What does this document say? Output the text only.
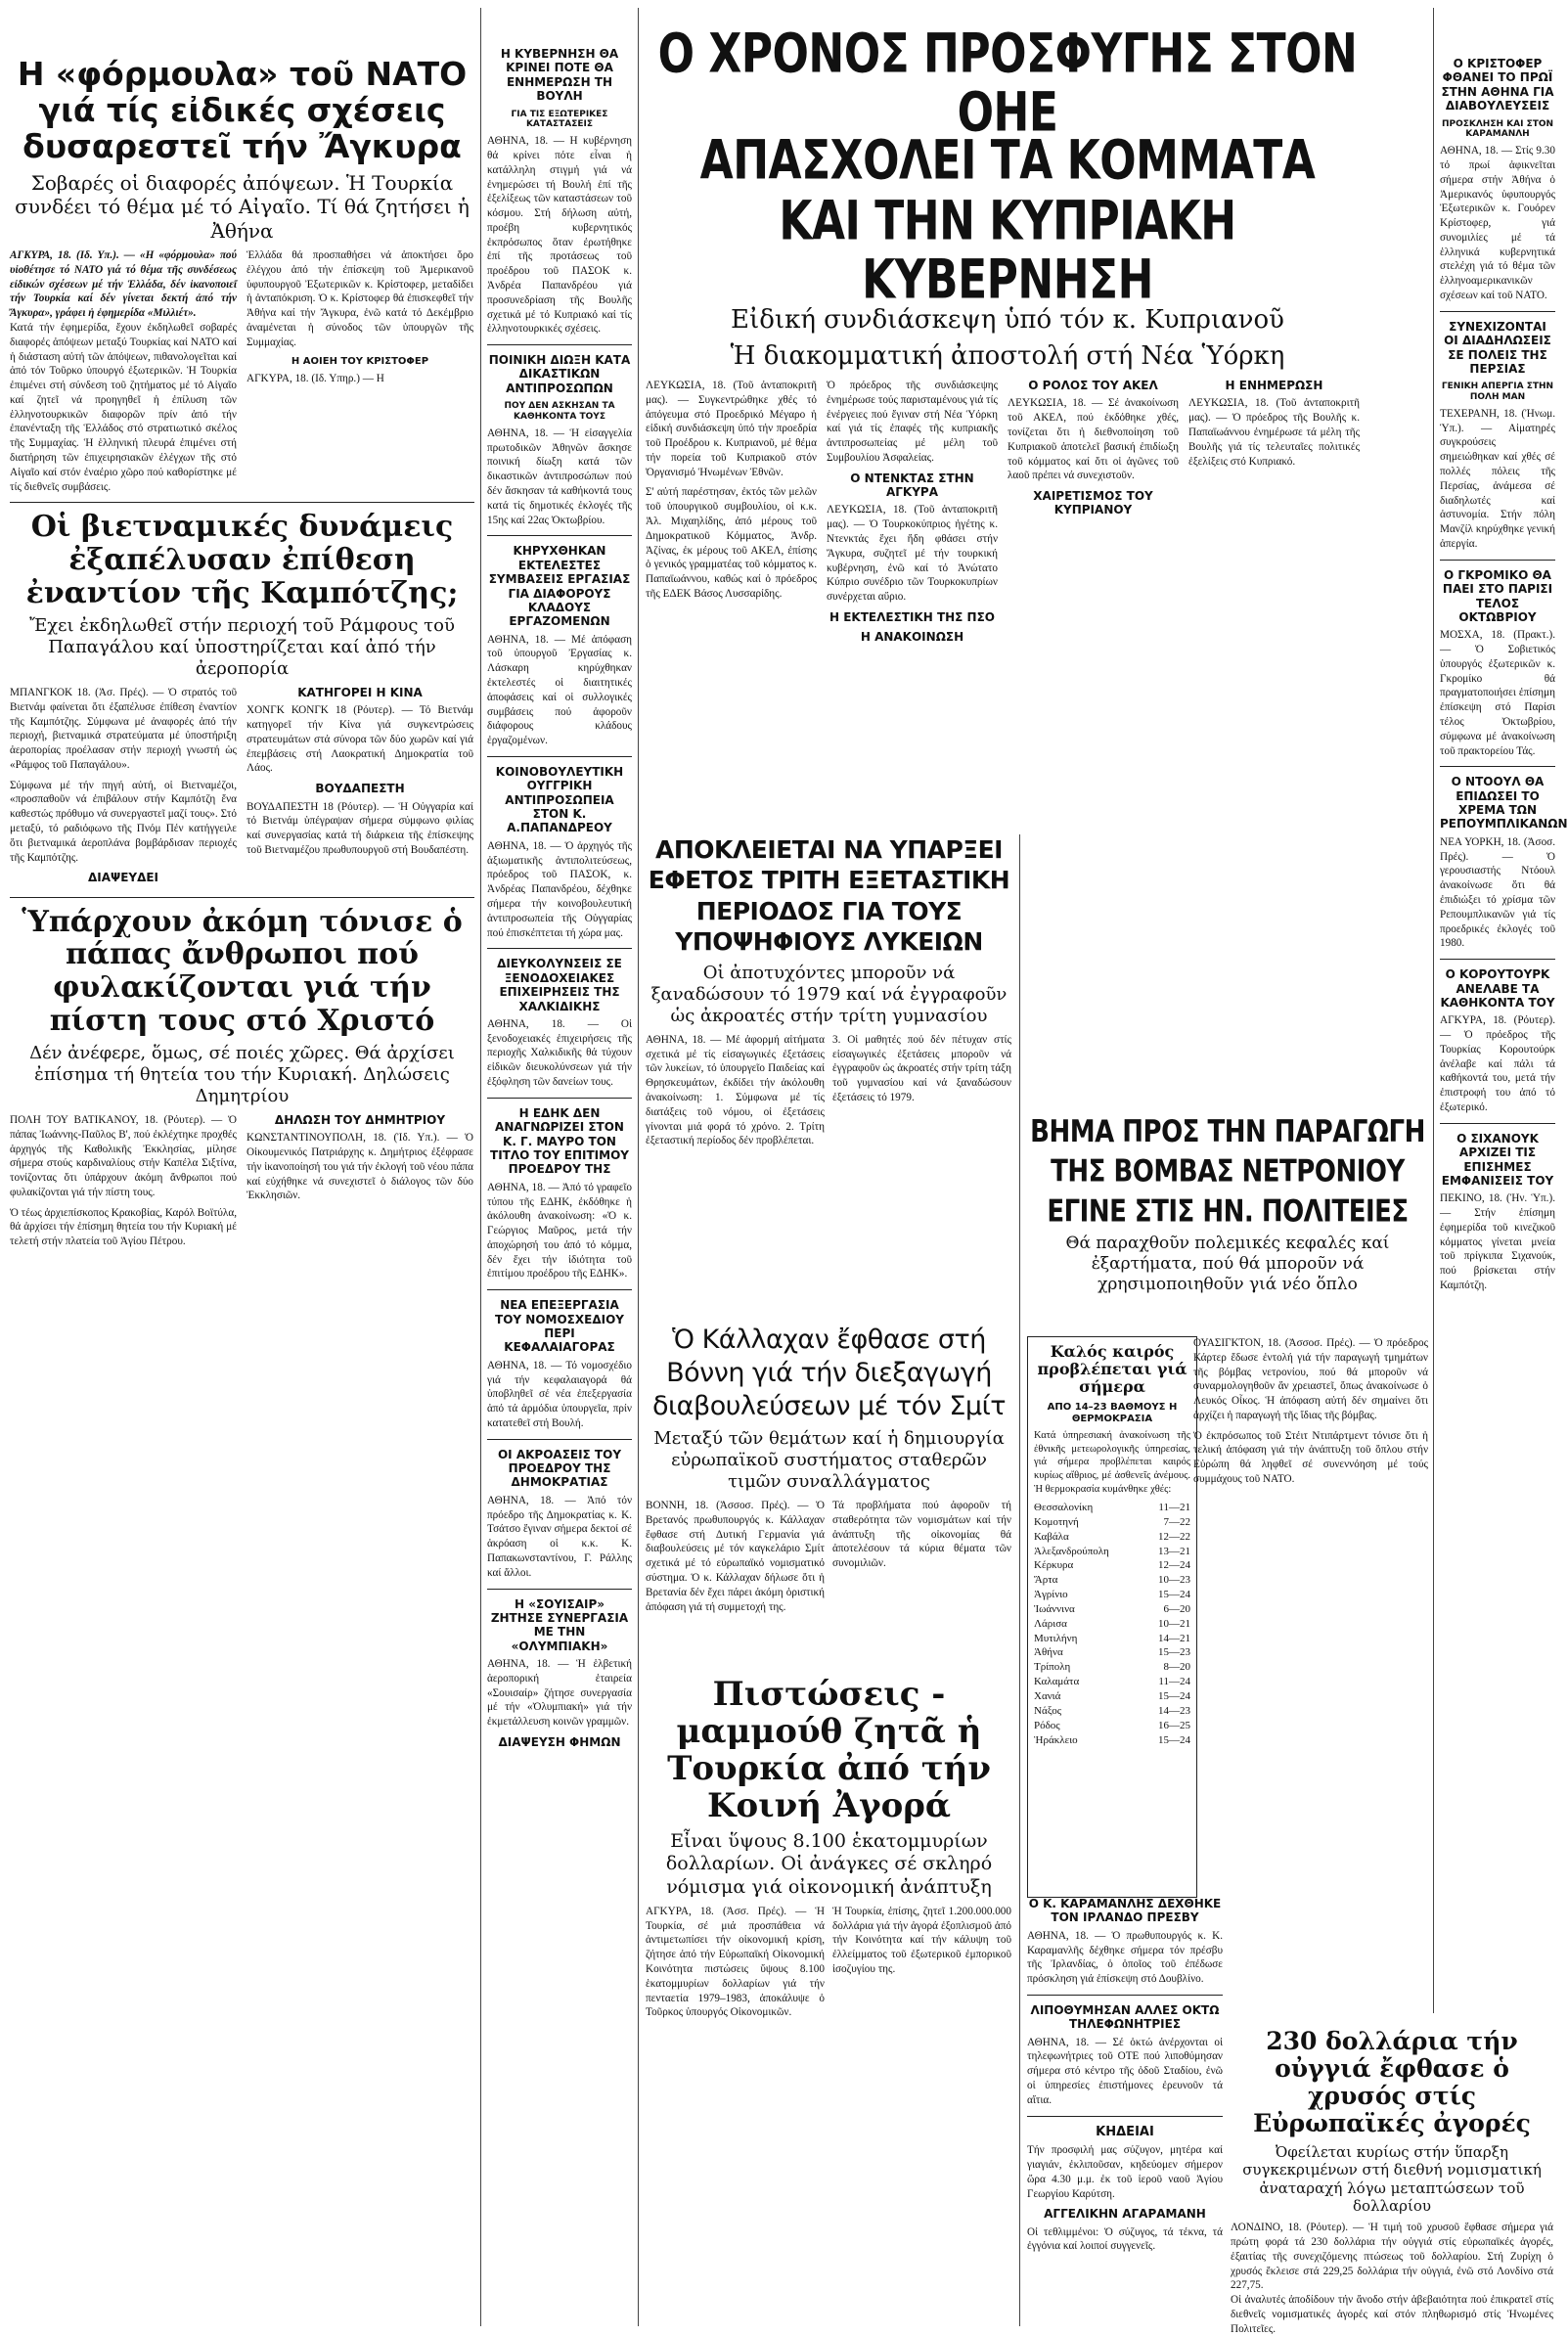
Η «φόρμουλα» τοῦ ΝΑΤΟ γιά τίς εἰδικές σχέσεις δυσαρεστεῖ τήν Ἄγκυρα
Σοβαρές οἱ διαφορές ἀπόψεων. Ἡ Τουρκία συνδέει τό θέμα μέ τό Αἰγαῖο. Τί θά ζητήσει ἡ Ἀθήνα

ΑΓΚΥΡΑ, 18. (Ιδ. Υπ.). — «Η «φόρμουλα» πού υἱοθέτησε τό ΝΑΤΟ γιά τό θέμα τῆς συνδέσεως εἰδικών σχέσεων μέ τήν Ἑλλάδα, δέν ἱκανοποιεῖ τήν Τουρκία καί δέν γίνεται δεκτή ἀπό τήν Ἄγκυρα», γράφει ἡ ἐφημερίδα «Μιλλιέτ».

Κατά τήν ἐφημερίδα, ἔχουν ἐκδηλωθεῖ σοβαρές διαφορές ἀπόψεων μεταξύ Τουρκίας καί ΝΑΤΟ καί ἡ διάσταση αὐτή τῶν ἀπόψεων, πιθανολογεῖται καί ἀπό τόν Τοῦρκο ὑπουργό ἐξωτερικῶν. Ἡ Τουρκία ἐπιμένει στή σύνδεση τοῦ ζητήματος μέ τό Αἰγαῖο καί ζητεῖ νά προηγηθεῖ ἡ ἐπίλυση τῶν ἑλληνοτουρκικῶν διαφορῶν πρίν ἀπό τήν ἐπανένταξη τῆς Ἑλλάδος στό στρατιωτικό σκέλος τῆς Συμμαχίας. Ἡ ἑλληνική πλευρά ἐπιμένει στή διατήρηση τῶν ἐπιχειρησιακῶν ἐλέγχων τῆς στό Αἰγαῖο καί στόν ἐναέριο χῶρο πού καθορίστηκε μέ τίς διεθνεῖς συμβάσεις.

Ἑλλάδα θά προσπαθήσει νά ἀποκτήσει ὅρο ἐλέγχου ἀπό τήν ἐπίσκεψη τοῦ Ἀμερικανοῦ ὑφυπουργοῦ Ἐξωτερικῶν κ. Κρίστοφερ, μεταδίδει ἡ ἀνταπόκριση. Ὁ κ. Κρίστοφερ θά ἐπισκεφθεῖ τήν Ἀθήνα καί τήν Ἄγκυρα, ἐνῶ κατά τό Δεκέμβριο ἀναμένεται ἡ σύνοδος τῶν ὑπουργῶν τῆς Συμμαχίας.

Η ΑΟΙΕΗ ΤΟΥ ΚΡΙΣΤΟΦΕΡ

ΑΓΚΥΡΑ, 18. (Ιδ. Υπηρ.) — Η

Οἱ βιετναμικές δυνάμεις ἐξαπέλυσαν ἐπίθεση ἐναντίον τῆς Καμπότζης;
Ἔχει ἐκδηλωθεῖ στήν περιοχή τοῦ Ράμφους τοῦ Παπαγάλου καί ὑποστηρίζεται καί ἀπό τήν ἀεροπορία

ΜΠΑΝΓΚΟΚ 18. (Ἀσ. Πρές). — Ὁ στρατός τοῦ Βιετνάμ φαίνεται ὅτι ἐξαπέλυσε ἐπίθεση ἐναντίον τῆς Καμπότζης. Σύμφωνα μέ ἀναφορές ἀπό τήν περιοχή, βιετναμικά στρατεύματα μέ ὑποστήριξη ἀεροπορίας προέλασαν στήν περιοχή γνωστή ὡς «Ράμφος τοῦ Παπαγάλου».

Σύμφωνα μέ τήν πηγή αὐτή, οἱ Βιετναμέζοι, «προσπαθοῦν νά ἐπιβάλουν στήν Καμπότζη ἕνα καθεστώς πρόθυμο νά συνεργαστεῖ μαζί τους». Στό μεταξύ, τό ραδιόφωνο τῆς Πνόμ Πέν κατήγγειλε ὅτι βιετναμικά ἀεροπλάνα βομβάρδισαν περιοχές τῆς Καμπότζης.

ΔΙΑΨΕΥΔΕΙ
ΚΑΤΗΓΟΡΕΙ Η ΚΙΝΑ

ΧΟΝΓΚ ΚΟΝΓΚ 18 (Ρόυτερ). — Τό Βιετνάμ κατηγορεῖ τήν Κίνα γιά συγκεντρώσεις στρατευμάτων στά σύνορα τῶν δύο χωρῶν καί γιά ἐπεμβάσεις στή Λαοκρατική Δημοκρατία τοῦ Λάος.

ΒΟΥΔΑΠΕΣΤΗ

ΒΟΥΔΑΠΕΣΤΗ 18 (Ρόυτερ). — Ἡ Οὐγγαρία καί τό Βιετνάμ ὑπέγραψαν σήμερα σύμφωνο φιλίας καί συνεργασίας κατά τή διάρκεια τῆς ἐπίσκεψης τοῦ Βιετναμέζου πρωθυπουργοῦ στή Βουδαπέστη.

Ὑπάρχουν ἀκόμη τόνισε ὁ πάπας ἄνθρωποι πού φυλακίζονται γιά τήν πίστη τους στό Χριστό
Δέν ἀνέφερε, ὅμως, σέ ποιές χῶρες. Θά ἀρχίσει ἐπίσημα τή θητεία του τήν Κυριακή. Δηλώσεις Δημητρίου

ΠΟΛΗ ΤΟΥ ΒΑΤΙΚΑΝΟΥ, 18. (Ρόυτερ). — Ὁ πάπας Ἰωάννης-Παῦλος Β', πού ἐκλέχτηκε προχθές ἀρχηγός τῆς Καθολικῆς Ἐκκλησίας, μίλησε σήμερα στούς καρδιναλίους στήν Καπέλα Σιξτίνα, τονίζοντας ὅτι ὑπάρχουν ἀκόμη ἄνθρωποι πού φυλακίζονται γιά τήν πίστη τους.

Ὁ τέως ἀρχιεπίσκοπος Κρακοβίας, Καρόλ Βοϊτύλα, θά ἀρχίσει τήν ἐπίσημη θητεία του τήν Κυριακή μέ τελετή στήν πλατεία τοῦ Ἁγίου Πέτρου.

ΔΗΛΩΣΗ ΤΟΥ ΔΗΜΗΤΡΙΟΥ

ΚΩΝΣΤΑΝΤΙΝΟΥΠΟΛΗ, 18. (Ἰδ. Υπ.). — Ὁ Οἰκουμενικός Πατριάρχης κ. Δημήτριος ἐξέφρασε τήν ἱκανοποίησή του γιά τήν ἐκλογή τοῦ νέου πάπα καί εὐχήθηκε νά συνεχιστεῖ ὁ διάλογος τῶν δύο Ἐκκλησιῶν.

Η ΚΥΒΕΡΝΗΣΗ ΘΑ ΚΡΙΝΕΙ ΠΟΤΕ ΘΑ ΕΝΗΜΕΡΩΣΗ ΤΗ ΒΟΥΛΗ
ΓΙΑ ΤΙΣ ΕΞΩΤΕΡΙΚΕΣ ΚΑΤΑΣΤΑΣΕΙΣ

ΑΘΗΝΑ, 18. — Η κυβέρνηση θά κρίνει πότε εἶναι ἡ κατάλληλη στιγμή γιά νά ἐνημερώσει τή Βουλή ἐπί τῆς ἐξελίξεως τῶν καταστάσεων τοῦ κόσμου. Στή δήλωση αὐτή, προέβη κυβερνητικός ἐκπρόσωπος ὅταν ἐρωτήθηκε ἐπί τῆς προτάσεως τοῦ προέδρου τοῦ ΠΑΣΟΚ κ. Ἀνδρέα Παπανδρέου γιά προσυνεδρίαση τῆς Βουλῆς σχετικά μέ τό Κυπριακό καί τίς ἑλληνοτουρκικές σχέσεις.

ΠΟΙΝΙΚΗ ΔΙΩΞΗ ΚΑΤΑ ΔΙΚΑΣΤΙΚΩΝ ΑΝΤΙΠΡΟΣΩΠΩΝ
ΠΟΥ ΔΕΝ ΑΣΚΗΣΑΝ ΤΑ ΚΑΘΗΚΟΝΤΑ ΤΟΥΣ

ΑΘΗΝΑ, 18. — Ἡ εἰσαγγελία πρωτοδικῶν Ἀθηνῶν ἄσκησε ποινική δίωξη κατά τῶν δικαστικῶν ἀντιπροσώπων πού δέν ἄσκησαν τά καθήκοντά τους κατά τίς δημοτικές ἐκλογές τῆς 15ης καί 22ας Ὀκτωβρίου.

ΚΗΡΥΧΘΗΚΑΝ ΕΚΤΕΛΕΣΤΕΣ ΣΥΜΒΑΣΕΙΣ ΕΡΓΑΣΙΑΣ ΓΙΑ ΔΙΑΦΟΡΟΥΣ ΚΛΑΔΟΥΣ ΕΡΓΑΖΟΜΕΝΩΝ

ΑΘΗΝΑ, 18. — Μέ ἀπόφαση τοῦ ὑπουργοῦ Ἐργασίας κ. Λάσκαρη κηρύχθηκαν ἐκτελεστές οἱ διαιτητικές ἀποφάσεις καί οἱ συλλογικές συμβάσεις πού ἀφοροῦν διάφορους κλάδους ἐργαζομένων.

ΚΟΙΝΟΒΟΥΛΕΥΤΙΚΗ ΟΥΓΓΡΙΚΗ ΑΝΤΙΠΡΟΣΩΠΕΙΑ ΣΤΟΝ Κ. Α.ΠΑΠΑΝΔΡΕΟΥ

ΑΘΗΝΑ, 18. — Ὁ ἀρχηγός τῆς ἀξιωματικῆς ἀντιπολιτεύσεως, πρόεδρος τοῦ ΠΑΣΟΚ, κ. Ἀνδρέας Παπανδρέου, δέχθηκε σήμερα τήν κοινοβουλευτική ἀντιπροσωπεία τῆς Οὐγγαρίας πού ἐπισκέπτεται τή χώρα μας.

ΔΙΕΥΚΟΛΥΝΣΕΙΣ ΣΕ ΞΕΝΟΔΟΧΕΙΑΚΕΣ ΕΠΙΧΕΙΡΗΣΕΙΣ ΤΗΣ ΧΑΛΚΙΔΙΚΗΣ

ΑΘΗΝΑ, 18. — Οἱ ξενοδοχειακές ἐπιχειρήσεις τῆς περιοχῆς Χαλκιδικῆς θά τύχουν εἰδικῶν διευκολύνσεων γιά τήν ἐξόφληση τῶν δανείων τους.

Η ΕΔΗΚ ΔΕΝ ΑΝΑΓΝΩΡΙΖΕΙ ΣΤΟΝ Κ. Γ. ΜΑΥΡΟ ΤΟΝ ΤΙΤΛΟ ΤΟΥ ΕΠΙΤΙΜΟΥ ΠΡΟΕΔΡΟΥ ΤΗΣ

ΑΘΗΝΑ, 18. — Ἀπό τό γραφεῖο τύπου τῆς ΕΔΗΚ, ἐκδόθηκε ἡ ἀκόλουθη ἀνακοίνωση: «Ὁ κ. Γεώργιος Μαῦρος, μετά τήν ἀποχώρησή του ἀπό τό κόμμα, δέν ἔχει τήν ἰδιότητα τοῦ ἐπιτίμου προέδρου τῆς ΕΔΗΚ».

ΝΕΑ ΕΠΕΞΕΡΓΑΣΙΑ ΤΟΥ ΝΟΜΟΣΧΕΔΙΟΥ ΠΕΡΙ ΚΕΦΑΛΑΙΑΓΟΡΑΣ

ΑΘΗΝΑ, 18. — Τό νομοσχέδιο γιά τήν κεφαλαιαγορά θά ὑποβληθεῖ σέ νέα ἐπεξεργασία ἀπό τά ἁρμόδια ὑπουργεῖα, πρίν κατατεθεῖ στή Βουλή.

ΟΙ ΑΚΡΟΑΣΕΙΣ ΤΟΥ ΠΡΟΕΔΡΟΥ ΤΗΣ ΔΗΜΟΚΡΑΤΙΑΣ

ΑΘΗΝΑ, 18. — Ἀπό τόν πρόεδρο τῆς Δημοκρατίας κ. Κ. Τσάτσο ἔγιναν σήμερα δεκτοί σέ ἀκρόαση οἱ κ.κ. Κ. Παπακωνσταντίνου, Γ. Ράλλης καί ἄλλοι.

Η «ΣΟΥΙΣΑΙΡ» ΖΗΤΗΣΕ ΣΥΝΕΡΓΑΣΙΑ ΜΕ ΤΗΝ «ΟΛΥΜΠΙΑΚΗ»

ΑΘΗΝΑ, 18. — Ἡ ἑλβετική ἀεροπορική ἑταιρεία «Σουισαίρ» ζήτησε συνεργασία μέ τήν «Ὀλυμπιακή» γιά τήν ἐκμετάλλευση κοινῶν γραμμῶν.

ΔΙΑΨΕΥΣΗ ΦΗΜΩΝ
Ο ΧΡΟΝΟΣ ΠΡΟΣΦΥΓΗΣ ΣΤΟΝ ΟΗΕ
ΑΠΑΣΧΟΛΕΙ ΤΑ ΚΟΜΜΑΤΑ
ΚΑΙ ΤΗΝ ΚΥΠΡΙΑΚΗ ΚΥΒΕΡΝΗΣΗ
Εἰδική συνδιάσκεψη ὑπό τόν κ. Κυπριανοῦ
Ἡ διακομματική ἀποστολή στή Νέα Ὑόρκη

ΛΕΥΚΩΣΙΑ, 18. (Τοῦ ἀνταποκριτῆ μας). — Συγκεντρώθηκε χθές τό ἀπόγευμα στό Προεδρικό Μέγαρο ἡ εἰδική συνδιάσκεψη ὑπό τήν προεδρία τοῦ Προέδρου κ. Κυπριανοῦ, μέ θέμα τήν πορεία τοῦ Κυπριακοῦ στόν Ὀργανισμό Ἡνωμένων Ἐθνῶν.

Σ' αὐτή παρέστησαν, ἐκτός τῶν μελῶν τοῦ ὑπουργικοῦ συμβουλίου, οἱ κ.κ. Ἀλ. Μιχαηλίδης, ἀπό μέρους τοῦ Δημοκρατικοῦ Κόμματος, Ἀνδρ. Ἀζίνας, ἐκ μέρους τοῦ ΑΚΕΛ, ἐπίσης ὁ γενικός γραμματέας τοῦ κόμματος κ. Παπαϊωάννου, καθώς καί ὁ πρόεδρος τῆς ΕΔΕΚ Βάσος Λυσσαρίδης.

Ὁ πρόεδρος τῆς συνδιάσκεψης ἐνημέρωσε τούς παρισταμένους γιά τίς ἐνέργειες πού ἔγιναν στή Νέα Ὑόρκη καί γιά τίς ἐπαφές τῆς κυπριακῆς ἀντιπροσωπείας μέ μέλη τοῦ Συμβουλίου Ἀσφαλείας.

Ο ΝΤΕΝΚΤΑΣ ΣΤΗΝ ΑΓΚΥΡΑ

ΛΕΥΚΩΣΙΑ, 18. (Τοῦ ἀνταποκριτῆ μας). — Ὁ Τουρκοκύπριος ἡγέτης κ. Ντενκτάς ἔχει ἤδη φθάσει στήν Ἄγκυρα, συζητεῖ μέ τήν τουρκική κυβέρνηση, ἐνῶ καί τό Ἀνώτατο Κύπριο συνέδριο τῶν Τουρκοκυπρίων συνέρχεται αὔριο.

Η ΕΚΤΕΛΕΣΤΙΚΗ ΤΗΣ ΠΣΟ
Η ΑΝΑΚΟΙΝΩΣΗ
Ο ΡΟΛΟΣ ΤΟΥ ΑΚΕΛ

ΛΕΥΚΩΣΙΑ, 18. — Σέ ἀνακοίνωση τοῦ ΑΚΕΛ, πού ἐκδόθηκε χθές, τονίζεται ὅτι ἡ διεθνοποίηση τοῦ Κυπριακοῦ ἀποτελεῖ βασική ἐπιδίωξη τοῦ κόμματος καί ὅτι οἱ ἀγῶνες τοῦ λαοῦ πρέπει νά συνεχιστοῦν.

ΧΑΙΡΕΤΙΣΜΟΣ ΤΟΥ ΚΥΠΡΙΑΝΟΥ
Η ΕΝΗΜΕΡΩΣΗ

ΛΕΥΚΩΣΙΑ, 18. (Τοῦ ἀνταποκριτῆ μας). — Ὁ πρόεδρος τῆς Βουλῆς κ. Παπαϊωάννου ἐνημέρωσε τά μέλη τῆς Βουλῆς γιά τίς τελευταῖες πολιτικές ἐξελίξεις στό Κυπριακό.

ΑΠΟΚΛΕΙΕΤΑΙ ΝΑ ΥΠΑΡΞΕΙ ΕΦΕΤΟΣ ΤΡΙΤΗ ΕΞΕΤΑΣΤΙΚΗ ΠΕΡΙΟΔΟΣ ΓΙΑ ΤΟΥΣ ΥΠΟΨΗΦΙΟΥΣ ΛΥΚΕΙΩΝ
Οἱ ἀποτυχόντες μποροῦν νά ξαναδώσουν τό 1979 καί νά ἐγγραφοῦν ὡς ἀκροατές στήν τρίτη γυμνασίου

ΑΘΗΝΑ, 18. — Μέ ἀφορμή αἰτήματα σχετικά μέ τίς εἰσαγωγικές ἐξετάσεις τῶν λυκείων, τό ὑπουργεῖο Παιδείας καί Θρησκευμάτων, ἐκδίδει τήν ἀκόλουθη ἀνακοίνωση: 1. Σύμφωνα μέ τίς διατάξεις τοῦ νόμου, οἱ ἐξετάσεις γίνονται μιά φορά τό χρόνο. 2. Τρίτη ἐξεταστική περίοδος δέν προβλέπεται.

3. Οἱ μαθητές πού δέν πέτυχαν στίς εἰσαγωγικές ἐξετάσεις μποροῦν νά ἐγγραφοῦν ὡς ἀκροατές στήν τρίτη τάξη τοῦ γυμνασίου καί νά ξαναδώσουν ἐξετάσεις τό 1979.

Ὁ Κάλλαχαν ἔφθασε στή Βόννη γιά τήν διεξαγωγή διαβουλεύσεων μέ τόν Σμίτ
Μεταξύ τῶν θεμάτων καί ἡ δημιουργία εὐρωπαϊκοῦ συστήματος σταθερῶν τιμῶν συναλλάγματος

ΒΟΝΝΗ, 18. (Ἀσσοσ. Πρές). — Ὁ Βρετανός πρωθυπουργός κ. Κάλλαχαν ἔφθασε στή Δυτική Γερμανία γιά διαβουλεύσεις μέ τόν καγκελάριο Σμίτ σχετικά μέ τό εὐρωπαϊκό νομισματικό σύστημα. Ὁ κ. Κάλλαχαν δήλωσε ὅτι ἡ Βρετανία δέν ἔχει πάρει ἀκόμη ὁριστική ἀπόφαση γιά τή συμμετοχή της.

Τά προβλήματα πού ἀφοροῦν τή σταθερότητα τῶν νομισμάτων καί τήν ἀνάπτυξη τῆς οἰκονομίας θά ἀποτελέσουν τά κύρια θέματα τῶν συνομιλιῶν.

Πιστώσεις - μαμμούθ ζητᾶ ἡ Τουρκία ἀπό τήν Κοινή Ἀγορά
Εἶναι ὕψους 8.100 ἑκατομμυρίων δολλαρίων. Οἱ ἀνάγκες σέ σκληρό νόμισμα γιά οἰκονομική ἀνάπτυξη

ΑΓΚΥΡΑ, 18. (Ἀσσ. Πρές). — Ἡ Τουρκία, σέ μιά προσπάθεια νά ἀντιμετωπίσει τήν οἰκονομική κρίση, ζήτησε ἀπό τήν Εὐρωπαϊκή Οἰκονομική Κοινότητα πιστώσεις ὕψους 8.100 ἑκατομμυρίων δολλαρίων γιά τήν πενταετία 1979–1983, ἀποκάλυψε ὁ Τοῦρκος ὑπουργός Οἰκονομικῶν.

Ἡ Τουρκία, ἐπίσης, ζητεῖ 1.200.000.000 δολλάρια γιά τήν ἀγορά ἐξοπλισμοῦ ἀπό τήν Κοινότητα καί τήν κάλυψη τοῦ ἐλλείμματος τοῦ ἐξωτερικοῦ ἐμπορικοῦ ἰσοζυγίου της.

ΒΗΜΑ ΠΡΟΣ ΤΗΝ ΠΑΡΑΓΩΓΗ ΤΗΣ ΒΟΜΒΑΣ ΝΕΤΡΟΝΙΟΥ ΕΓΙΝΕ ΣΤΙΣ ΗΝ. ΠΟΛΙΤΕΙΕΣ
Θά παραχθοῦν πολεμικές κεφαλές καί ἐξαρτήματα, πού θά μποροῦν νά χρησιμοποιηθοῦν γιά νέο ὅπλο
Καλός καιρός προβλέπεται γιά σήμερα
ΑΠΟ 14–23 ΒΑΘΜΟΥΣ Η ΘΕΡΜΟΚΡΑΣΙΑ

Κατά ὑπηρεσιακή ἀνακοίνωση τῆς ἐθνικῆς μετεωρολογικῆς ὑπηρεσίας, γιά σήμερα προβλέπεται καιρός κυρίως αἴθριος, μέ ἀσθενεῖς ἀνέμους. Ἡ θερμοκρασία κυμάνθηκε χθές:

Θεσσαλονίκη	11—21
Κομοτηνή	7—22
Καβάλα	12—22
Ἀλεξανδρούπολη	13—21
Κέρκυρα	12—24
Ἄρτα	10—23
Ἀγρίνιο	15—24
Ἰωάννινα	6—20
Λάρισα	10—21
Μυτιλήνη	14—21
Ἀθήνα	15—23
Τρίπολη	8—20
Καλαμάτα	11—24
Χανιά	15—24
Νάξος	14—23
Ρόδος	16—25
Ἡράκλειο	15—24

ΟΥΑΣΙΓΚΤΟΝ, 18. (Ἀσσοσ. Πρές). — Ὁ πρόεδρος Κάρτερ ἔδωσε ἐντολή γιά τήν παραγωγή τμημάτων τῆς βόμβας νετρονίου, πού θά μποροῦν νά συναρμολογηθοῦν ἄν χρειαστεῖ, ὅπως ἀνακοίνωσε ὁ Λευκός Οἶκος. Ἡ ἀπόφαση αὐτή δέν σημαίνει ὅτι ἀρχίζει ἡ παραγωγή τῆς ἴδιας τῆς βόμβας.

Ὁ ἐκπρόσωπος τοῦ Στέιτ Ντιπάρτμεντ τόνισε ὅτι ἡ τελική ἀπόφαση γιά τήν ἀνάπτυξη τοῦ ὅπλου στήν Εὐρώπη θά ληφθεῖ σέ συνεννόηση μέ τούς συμμάχους τοῦ ΝΑΤΟ.

Ο Κ. ΚΑΡΑΜΑΝΛΗΣ ΔΕΧΘΗΚΕ ΤΟΝ ΙΡΛΑΝΔΟ ΠΡΕΣΒΥ

ΑΘΗΝΑ, 18. — Ὁ πρωθυπουργός κ. Κ. Καραμανλῆς δέχθηκε σήμερα τόν πρέσβυ τῆς Ἰρλανδίας, ὁ ὁποῖος τοῦ ἐπέδωσε πρόσκληση γιά ἐπίσκεψη στό Δουβλίνο.

ΛΙΠΟΘΥΜΗΣΑΝ ΑΛΛΕΣ ΟΚΤΩ ΤΗΛΕΦΩΝΗΤΡΙΕΣ

ΑΘΗΝΑ, 18. — Σέ ὀκτώ ἀνέρχονται οἱ τηλεφωνήτριες τοῦ ΟΤΕ πού λιποθύμησαν σήμερα στό κέντρο τῆς ὁδοῦ Σταδίου, ἐνῶ οἱ ὑπηρεσίες ἐπιστήμονες ἐρευνοῦν τά αἴτια.

ΚΗΔΕΙΑΙ

Τήν προσφιλή μας σύζυγον, μητέρα καί γιαγιάν, ἐκλιποῦσαν, κηδεύομεν σήμερον ὥρα 4.30 μ.μ. ἐκ τοῦ ἱεροῦ ναοῦ Ἁγίου Γεωργίου Καρύτση.

ΑΓΓΕΛΙΚΗΝ ΑΓΑΡΑΜΑΝΗ

Οἱ τεθλιμμένοι: Ὁ σύζυγος, τά τέκνα, τά ἐγγόνια καί λοιποί συγγενεῖς.

230 δολλάρια τήν οὐγγιά ἔφθασε ὁ χρυσός στίς Εὐρωπαϊκές ἀγορές
Ὀφείλεται κυρίως στήν ὕπαρξη συγκεκριμένων στή διεθνή νομισματική ἀναταραχή λόγω μεταπτώσεων τοῦ δολλαρίου

ΛΟΝΔΙΝΟ, 18. (Ρόυτερ). — Ἡ τιμή τοῦ χρυσοῦ ἔφθασε σήμερα γιά πρώτη φορά τά 230 δολλάρια τήν οὐγγιά στίς εὐρωπαϊκές ἀγορές, ἐξαιτίας τῆς συνεχιζόμενης πτώσεως τοῦ δολλαρίου. Στή Ζυρίχη ὁ χρυσός ἔκλεισε στά 229,25 δολλάρια τήν οὐγγιά, ἐνῶ στό Λονδίνο στά 227,75.

Οἱ ἀναλυτές ἀποδίδουν τήν ἄνοδο στήν ἀβεβαιότητα πού ἐπικρατεῖ στίς διεθνεῖς νομισματικές ἀγορές καί στόν πληθωρισμό στίς Ἡνωμένες Πολιτεῖες.

Ο ΚΡΙΣΤΟΦΕΡ ΦΘΑΝΕΙ ΤΟ ΠΡΩΪ ΣΤΗΝ ΑΘΗΝΑ ΓΙΑ ΔΙΑΒΟΥΛΕΥΣΕΙΣ
ΠΡΟΣΚΛΗΣΗ ΚΑΙ ΣΤΟΝ ΚΑΡΑΜΑΝΛΗ

ΑΘΗΝΑ, 18. — Στίς 9.30 τό πρωί ἀφικνεῖται σήμερα στήν Ἀθήνα ὁ Ἀμερικανός ὑφυπουργός Ἐξωτερικῶν κ. Γουόρεν Κρίστοφερ, γιά συνομιλίες μέ τά ἑλληνικά κυβερνητικά στελέχη γιά τό θέμα τῶν ἑλληνοαμερικανικῶν σχέσεων καί τοῦ ΝΑΤΟ.

ΣΥΝΕΧΙΖΟΝΤΑΙ ΟΙ ΔΙΑΔΗΛΩΣΕΙΣ ΣΕ ΠΟΛΕΙΣ ΤΗΣ ΠΕΡΣΙΑΣ
ΓΕΝΙΚΗ ΑΠΕΡΓΙΑ ΣΤΗΝ ΠΟΛΗ ΜΑΝ

ΤΕΧΕΡΑΝΗ, 18. (Ἠνωμ. Ὑπ.). — Αἱματηρές συγκρούσεις σημειώθηκαν καί χθές σέ πολλές πόλεις τῆς Περσίας, ἀνάμεσα σέ διαδηλωτές καί ἀστυνομία. Στήν πόλη Μανζίλ κηρύχθηκε γενική ἀπεργία.

Ο ΓΚΡΟΜΙΚΟ ΘΑ ΠΑΕΙ ΣΤΟ ΠΑΡΙΣΙ ΤΕΛΟΣ ΟΚΤΩΒΡΙΟΥ

ΜΟΣΧΑ, 18. (Πρακτ.). — Ὁ Σοβιετικός ὑπουργός ἐξωτερικῶν κ. Γκρομίκο θά πραγματοποιήσει ἐπίσημη ἐπίσκεψη στό Παρίσι τέλος Ὀκτωβρίου, σύμφωνα μέ ἀνακοίνωση τοῦ πρακτορείου Τάς.

Ο ΝΤΟΟΥΛ ΘΑ ΕΠΙΔΩΣΕΙ ΤΟ ΧΡΕΜΑ ΤΩΝ ΡΕΠΟΥΜΠΛΙΚΑΝΩΝ

ΝΕΑ ΥΟΡΚΗ, 18. (Ἀσοσ. Πρές). — Ὁ γερουσιαστής Ντόουλ ἀνακοίνωσε ὅτι θά ἐπιδιώξει τό χρίσμα τῶν Ρεπουμπλικανῶν γιά τίς προεδρικές ἐκλογές τοῦ 1980.

Ο ΚΟΡΟΥΤΟΥΡΚ ΑΝΕΛΑΒΕ ΤΑ ΚΑΘΗΚΟΝΤΑ ΤΟΥ

ΑΓΚΥΡΑ, 18. (Ρόυτερ). — Ὁ πρόεδρος τῆς Τουρκίας Κορουτούρκ ἀνέλαβε καί πάλι τά καθήκοντά του, μετά τήν ἐπιστροφή του ἀπό τό ἐξωτερικό.

Ο ΣΙΧΑΝΟΥΚ ΑΡΧΙΖΕΙ ΤΙΣ ΕΠΙΣΗΜΕΣ ΕΜΦΑΝΙΣΕΙΣ ΤΟΥ

ΠΕΚΙΝΟ, 18. (Ἠν. Ὑπ.). — Στήν ἐπίσημη ἐφημερίδα τοῦ κινεζικοῦ κόμματος γίνεται μνεία τοῦ πρίγκιπα Σιχανούκ, πού βρίσκεται στήν Καμπότζη.
